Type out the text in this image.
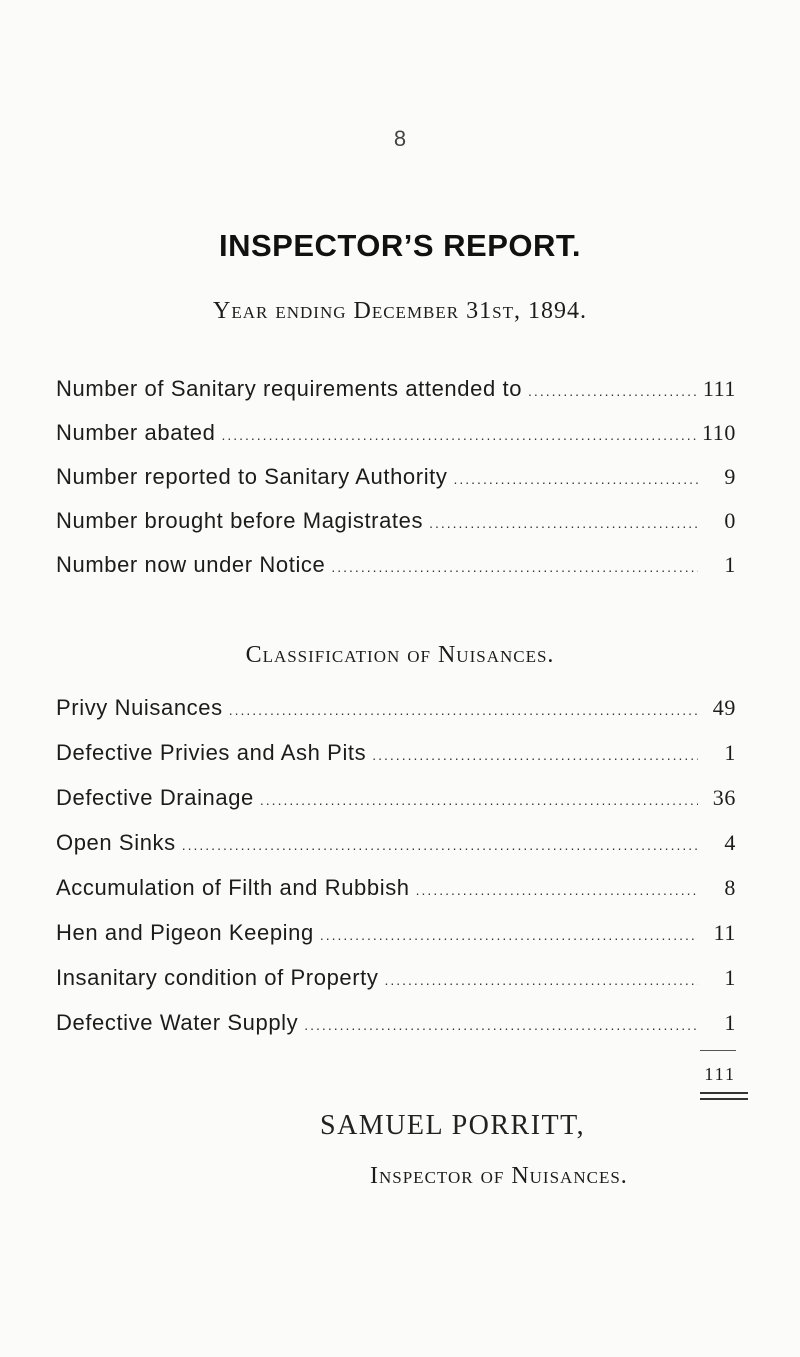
8
INSPECTOR’S REPORT.
Year ending December 31st, 1894.
Number of Sanitary requirements attended to .....	111
Number abated .....	110
Number reported to Sanitary Authority .....	9
Number brought before Magistrates .....	0
Number now under Notice .....	1
Classification of Nuisances.
Privy Nuisances .....	49
Defective Privies and Ash Pits .....	1
Defective Drainage .....	36
Open Sinks .....	4
Accumulation of Filth and Rubbish .....	8
Hen and Pigeon Keeping .....	11
Insanitary condition of Property .....	1
Defective Water Supply .....	1
111
SAMUEL PORRITT,
Inspector of Nuisances.
